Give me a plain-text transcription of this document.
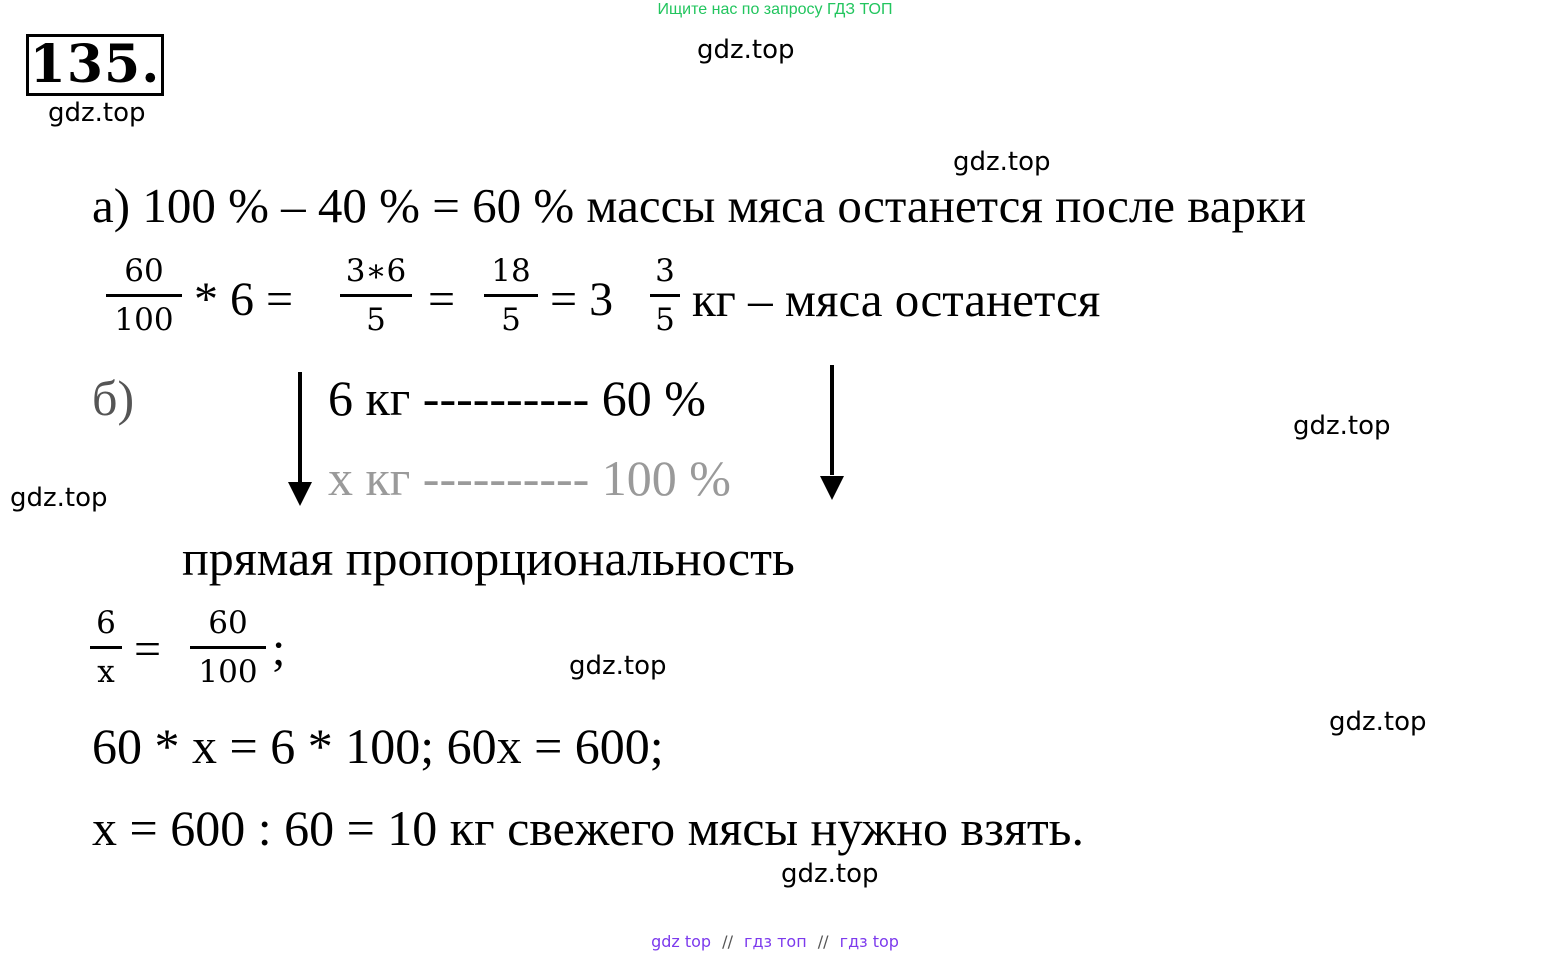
Ищите нас по запросу ГДЗ ТОП
135.	gdz.top
gdz.top
gdz.top
gdz.top
gdz.top
gdz.top
gdz.top
gdz.top
а) 100 % – 40 % = 60 % массы мяса останется после варки
60
100 * 6 =
3∗6
5 =
18
5 = 3
3
5 кг – мяса останется
б)	6 кг ---------- 60 %
х кг ---------- 100 %
прямая пропорциональность
6
х =	60
100 ;
60 * х = 6 * 100; 60х = 600;
х = 600 : 60 = 10 кг свежего мясы нужно взять.
gdz top // гдз топ // гдз top
